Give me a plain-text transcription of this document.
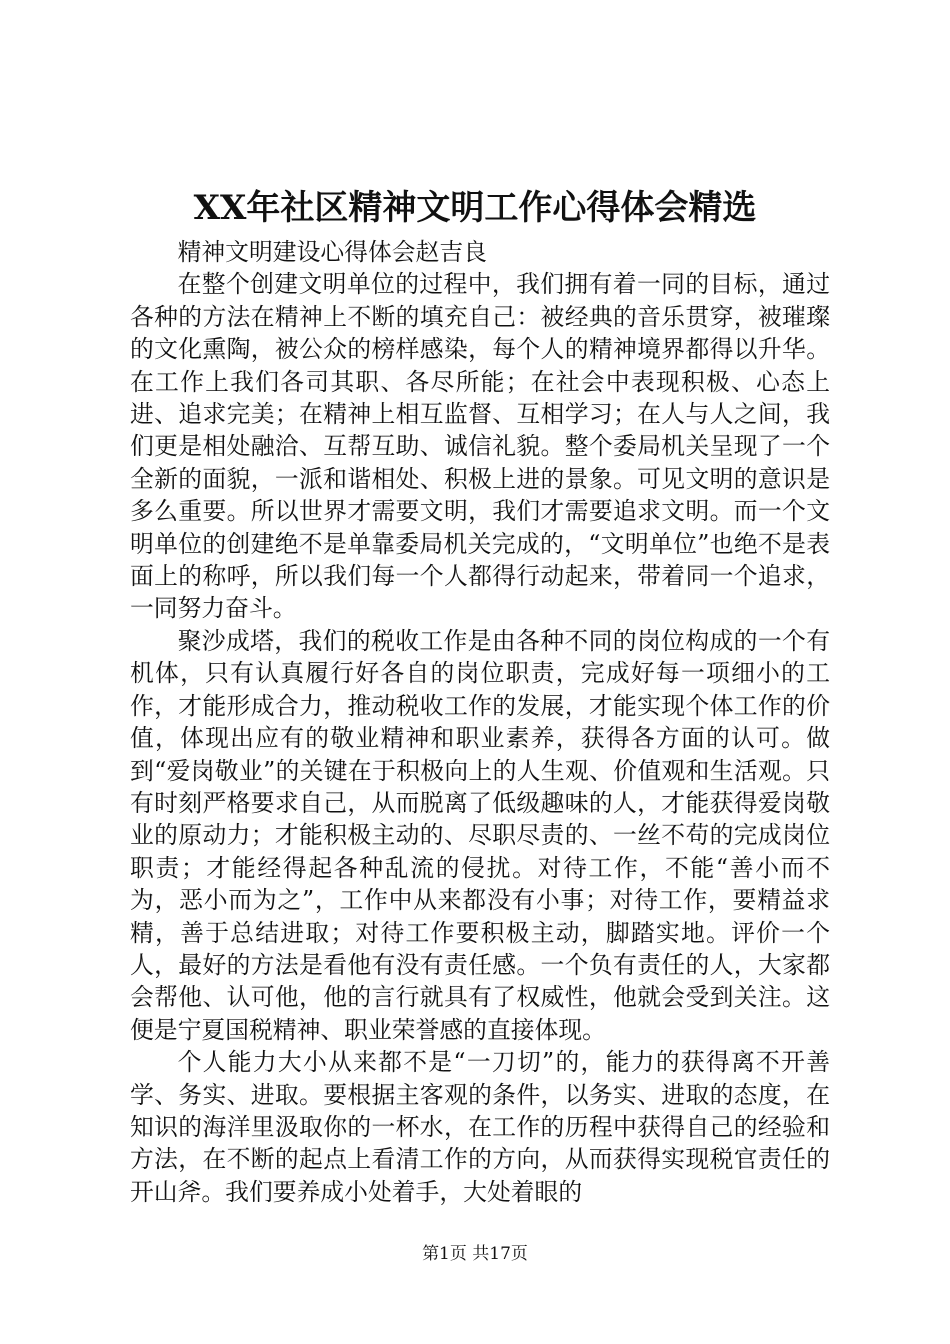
XX年社区精神文明工作心得体会精选

精神文明建设心得体会赵吉良

在整个创建文明单位的过程中，我们拥有着一同的目标，通过各种的方法在精神上不断的填充自己：被经典的音乐贯穿，被璀璨的文化熏陶，被公众的榜样感染，每个人的精神境界都得以升华。在工作上我们各司其职、各尽所能；在社会中表现积极、心态上进、追求完美；在精神上相互监督、互相学习；在人与人之间，我们更是相处融洽、互帮互助、诚信礼貌。整个委局机关呈现了一个全新的面貌，一派和谐相处、积极上进的景象。可见文明的意识是多么重要。所以世界才需要文明，我们才需要追求文明。而一个文明单位的创建绝不是单靠委局机关完成的，“文明单位”也绝不是表面上的称呼，所以我们每一个人都得行动起来，带着同一个追求，一同努力奋斗。

聚沙成塔，我们的税收工作是由各种不同的岗位构成的一个有机体，只有认真履行好各自的岗位职责，完成好每一项细小的工作，才能形成合力，推动税收工作的发展，才能实现个体工作的价值，体现出应有的敬业精神和职业素养，获得各方面的认可。做到“爱岗敬业”的关键在于积极向上的人生观、价值观和生活观。只有时刻严格要求自己，从而脱离了低级趣味的人，才能获得爱岗敬业的原动力；才能积极主动的、尽职尽责的、一丝不苟的完成岗位职责；才能经得起各种乱流的侵扰。对待工作，不能“善小而不为，恶小而为之”，工作中从来都没有小事；对待工作，要精益求精，善于总结进取；对待工作要积极主动，脚踏实地。评价一个人，最好的方法是看他有没有责任感。一个负有责任的人，大家都会帮他、认可他，他的言行就具有了权威性，他就会受到关注。这便是宁夏国税精神、职业荣誉感的直接体现。

个人能力大小从来都不是“一刀切”的，能力的获得离不开善学、务实、进取。要根据主客观的条件，以务实、进取的态度，在知识的海洋里汲取你的一杯水，在工作的历程中获得自己的经验和方法，在不断的起点上看清工作的方向，从而获得实现税官责任的开山斧。我们要养成小处着手，大处着眼的

第1页 共17页
